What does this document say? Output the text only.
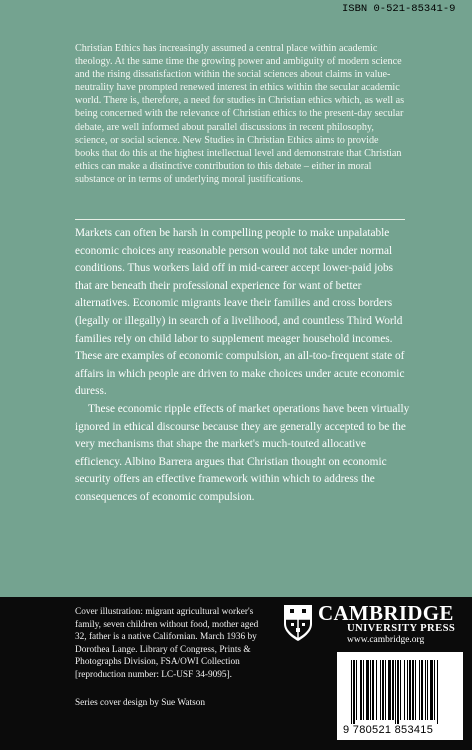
Christian Ethics has increasingly assumed a central place within academic theology. At the same time the growing power and ambiguity of modern science and the rising dissatisfaction within the social sciences about claims in value-neutrality have prompted renewed interest in ethics within the secular academic world. There is, therefore, a need for studies in Christian ethics which, as well as being concerned with the relevance of Christian ethics to the present-day secular debate, are well informed about parallel discussions in recent philosophy, science, or social science. New Studies in Christian Ethics aims to provide books that do this at the highest intellectual level and demonstrate that Christian ethics can make a distinctive contribution to this debate – either in moral substance or in terms of underlying moral justifications.

Markets can often be harsh in compelling people to make unpalatable economic choices any reasonable person would not take under normal conditions. Thus workers laid off in mid-career accept lower-paid jobs that are beneath their professional experience for want of better alternatives. Economic migrants leave their families and cross borders (legally or illegally) in search of a livelihood, and countless Third World families rely on child labor to supplement meager household incomes. These are examples of economic compulsion, an all-too-frequent state of affairs in which people are driven to make choices under acute economic duress.

These economic ripple effects of market operations have been virtually ignored in ethical discourse because they are generally accepted to be the very mechanisms that shape the market's much-touted allocative efficiency. Albino Barrera argues that Christian thought on economic security offers an effective framework within which to address the consequences of economic compulsion.

Cover illustration: migrant agricultural worker's family, seven children without food, mother aged 32, father is a native Californian. March 1936 by Dorothea Lange. Library of Congress, Prints & Photographs Division, FSA/OWI Collection [reproduction number: LC-USF 34-9095].

Series cover design by Sue Watson

CAMBRIDGE
UNIVERSITY PRESS
www.cambridge.org

ISBN 0-521-85341-9

9 780521 853415
